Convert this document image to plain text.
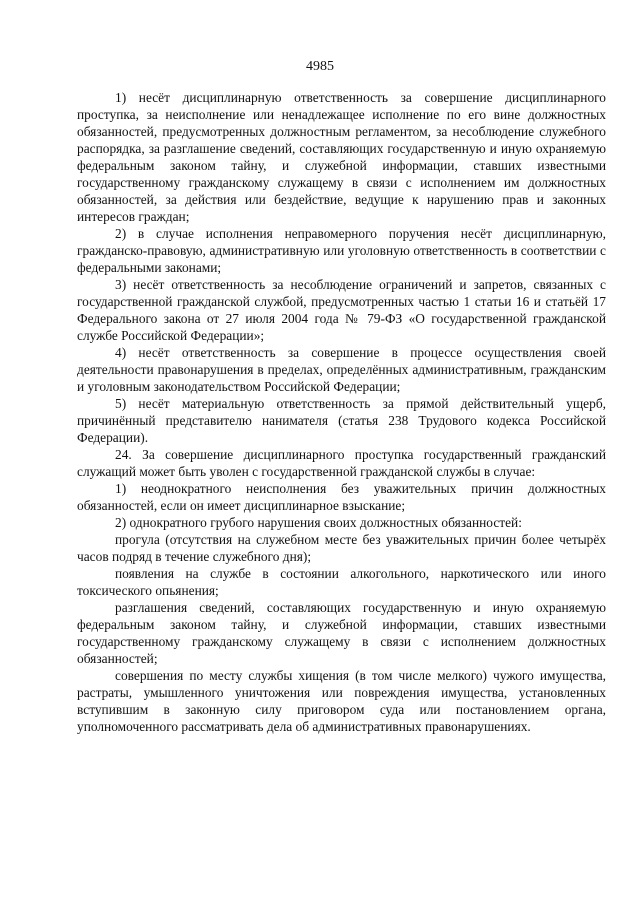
4985

1) несёт дисциплинарную ответственность за совершение дисциплинарного проступка, за неисполнение или ненадлежащее исполнение по его вине должностных обязанностей, предусмотренных должностным регламентом, за несоблюдение служебного распорядка, за разглашение сведений, составляющих государственную и иную охраняемую федеральным законом тайну, и служебной информации, ставших известными государственному гражданскому служащему в связи с исполнением им должностных обязанностей, за действия или бездействие, ведущие к нарушению прав и законных интересов граждан;

2) в случае исполнения неправомерного поручения несёт дисциплинарную, гражданско-правовую, административную или уголовную ответственность в соответствии с федеральными законами;

3) несёт ответственность за несоблюдение ограничений и запретов, связанных с государственной гражданской службой, предусмотренных частью 1 статьи 16 и статьёй 17 Федерального закона от 27 июля 2004 года № 79-ФЗ «О государственной гражданской службе Российской Федерации»;

4) несёт ответственность за совершение в процессе осуществления своей деятельности правонарушения в пределах, определённых административным, гражданским и уголовным законодательством Российской Федерации;

5) несёт материальную ответственность за прямой действительный ущерб, причинённый представителю нанимателя (статья 238 Трудового кодекса Российской Федерации).

24. За совершение дисциплинарного проступка государственный гражданский служащий может быть уволен с государственной гражданской службы в случае:

1) неоднократного неисполнения без уважительных причин должностных обязанностей, если он имеет дисциплинарное взыскание;

2) однократного грубого нарушения своих должностных обязанностей:

прогула (отсутствия на служебном месте без уважительных причин более четырёх часов подряд в течение служебного дня);

появления на службе в состоянии алкогольного, наркотического или иного токсического опьянения;

разглашения сведений, составляющих государственную и иную охраняемую федеральным законом тайну, и служебной информации, ставших известными государственному гражданскому служащему в связи с исполнением должностных обязанностей;

совершения по месту службы хищения (в том числе мелкого) чужого имущества, растраты, умышленного уничтожения или повреждения имущества, установленных вступившим в законную силу приговором суда или постановлением органа, уполномоченного рассматривать дела об административных правонарушениях.
